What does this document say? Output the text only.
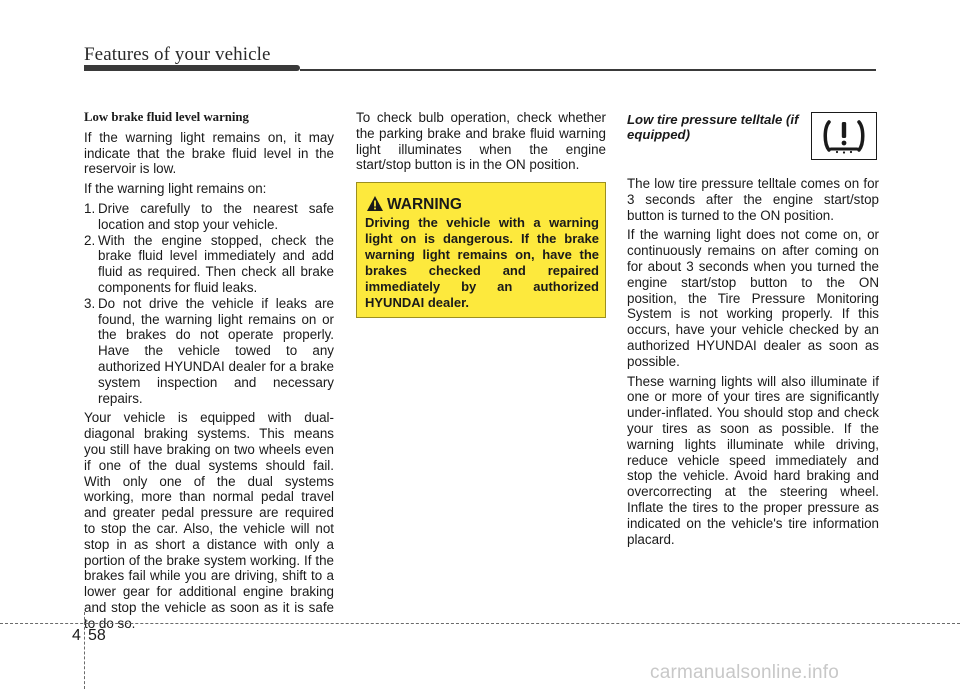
Features of your vehicle
Low brake fluid level warning

If the warning light remains on, it may indicate that the brake fluid level in the reservoir is low.

If the warning light remains on:

1. Drive carefully to the nearest safe location and stop your vehicle.
2. With the engine stopped, check the brake fluid level immediately and add fluid as required. Then check all brake components for fluid leaks.
3. Do not drive the vehicle if leaks are found, the warning light remains on or the brakes do not operate properly. Have the vehicle towed to any authorized HYUNDAI dealer for a brake system inspection and necessary repairs.

Your vehicle is equipped with dual-diagonal braking systems. This means you still have braking on two wheels even if one of the dual systems should fail. With only one of the dual systems working, more than normal pedal travel and greater pedal pressure are required to stop the car. Also, the vehicle will not stop in as short a distance with only a portion of the brake system working. If the brakes fail while you are driving, shift to a lower gear for additional engine braking and stop the vehicle as soon as it is safe to do so.

To check bulb operation, check whether the parking brake and brake fluid warning light illuminates when the engine start/stop button is in the ON position.

WARNING
Driving the vehicle with a warning light on is dangerous. If the brake warning light remains on, have the brakes checked and repaired immediately by an authorized HYUNDAI dealer.
Low tire pressure telltale (if equipped)

The low tire pressure telltale comes on for 3 seconds after the engine start/stop button is turned to the ON position.

If the warning light does not come on, or continuously remains on after coming on for about 3 seconds when you turned the engine start/stop button to the ON position, the Tire Pressure Monitoring System is not working properly. If this occurs, have your vehicle checked by an authorized HYUNDAI dealer as soon as possible.

These warning lights will also illuminate if one or more of your tires are significantly under-inflated. You should stop and check your tires as soon as possible. If the warning lights illuminate while driving, reduce vehicle speed immediately and stop the vehicle. Avoid hard braking and overcorrecting at the steering wheel. Inflate the tires to the proper pressure as indicated on the vehicle's tire information placard.

4 58
carmanualsonline.info
